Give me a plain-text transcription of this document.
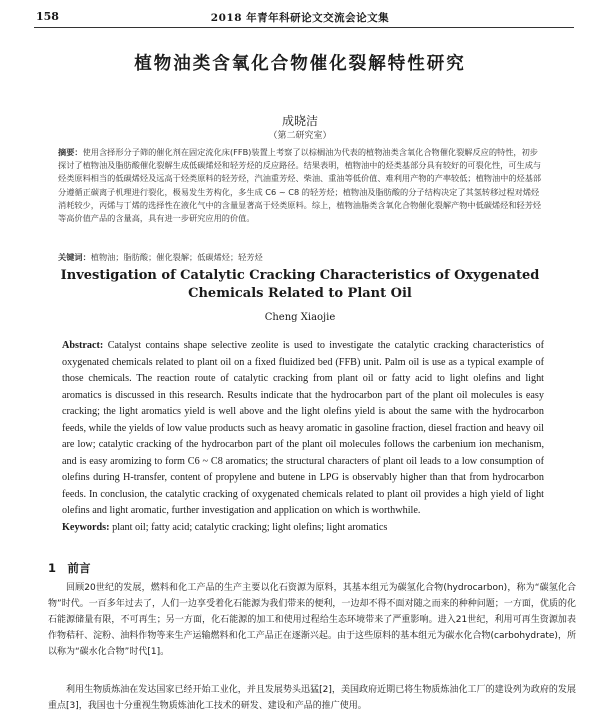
158	2018 年青年科研论文交流会论文集
植物油类含氧化合物催化裂解特性研究
成晓洁
（第二研究室）

摘要：使用含择形分子筛的催化剂在固定流化床(FFB)装置上考察了以棕榈油为代表的植物油类含氧化合物催化裂解反应的特性，初步探讨了植物油及脂肪酸催化裂解生成低碳烯烃和轻芳烃的反应路径。结果表明，植物油中的烃类基部分具有较好的可裂化性，可生成与烃类原料相当的低碳烯烃及远高于烃类原料的轻芳烃，汽油重芳烃、柴油、重油等低价值、难利用产物的产率较低；植物油中的烃基部分遵循正碳离子机理进行裂化，极易发生芳构化，多生成 C6 ~ C8 的轻芳烃；植物油及脂肪酸的分子结构决定了其氢转移过程对烯烃消耗较少，丙烯与丁烯的选择性在液化气中的含量显著高于烃类原料。综上，植物油脂类含氧化合物催化裂解产物中低碳烯烃和轻芳烃等高价值产品的含量高，具有进一步研究应用的价值。

关键词：植物油；脂肪酸；催化裂解；低碳烯烃；轻芳烃

Investigation of Catalytic Cracking Characteristics of Oxygenated Chemicals Related to Plant Oil
Cheng Xiaojie

Abstract: Catalyst contains shape selective zeolite is used to investigate the catalytic cracking characteristics of oxygenated chemicals related to plant oil on a fixed fluidized bed (FFB) unit. Palm oil is use as a typical example of those chemicals. The reaction route of catalytic cracking from plant oil or fatty acid to light olefins and light aromatics is discussed in this research. Results indicate that the hydrocarbon part of the plant oil molecules is easy cracking; the light aromatics yield is well above and the light olefins yield is about the same with the hydrocarbon feeds, while the yields of low value products such as heavy aromatic in gasoline fraction, diesel fraction and heavy oil are low; catalytic cracking of the hydrocarbon part of the plant oil molecules follows the carbenium ion mechanism, and is easy aromizing to form C6 ~ C8 aromatics; the structural characters of plant oil leads to a low consumption of olefins during H-transfer, content of propylene and butene in LPG is observably higher than that from hydrocarbon feeds. In conclusion, the catalytic cracking of oxygenated chemicals related to plant oil provides a high yield of light olefins and light aromatic, further investigation and application on which is worthwhile.

Keywords: plant oil; fatty acid; catalytic cracking; light olefins; light aromatics

1　前言

回顾20世纪的发展，燃料和化工产品的生产主要以化石资源为原料，其基本组元为碳氢化合物(hydrocarbon)，称为“碳氢化合物”时代。一百多年过去了，人们一边享受着化石能源为我们带来的便利，一边却不得不面对随之而来的种种问题；一方面，优质的化石能源储量有限，不可再生；另一方面，化石能源的加工和使用过程给生态环境带来了严重影响。进入21世纪，利用可再生资源加表作物秸秆、淀粉、油料作物等来生产运输燃料和化工产品正在逐渐兴起。由于这些原料的基本组元为碳水化合物(carbohydrate)，所以称为“碳水化合物”时代[1]。

利用生物质炼油在发达国家已经开始工业化，并且发展势头迅猛[2]，美国政府近期已将生物质炼油化工厂的建设列为政府的发展重点[3]，我国也十分重视生物质炼油化工技术的研发、建设和产品的推广使用。
